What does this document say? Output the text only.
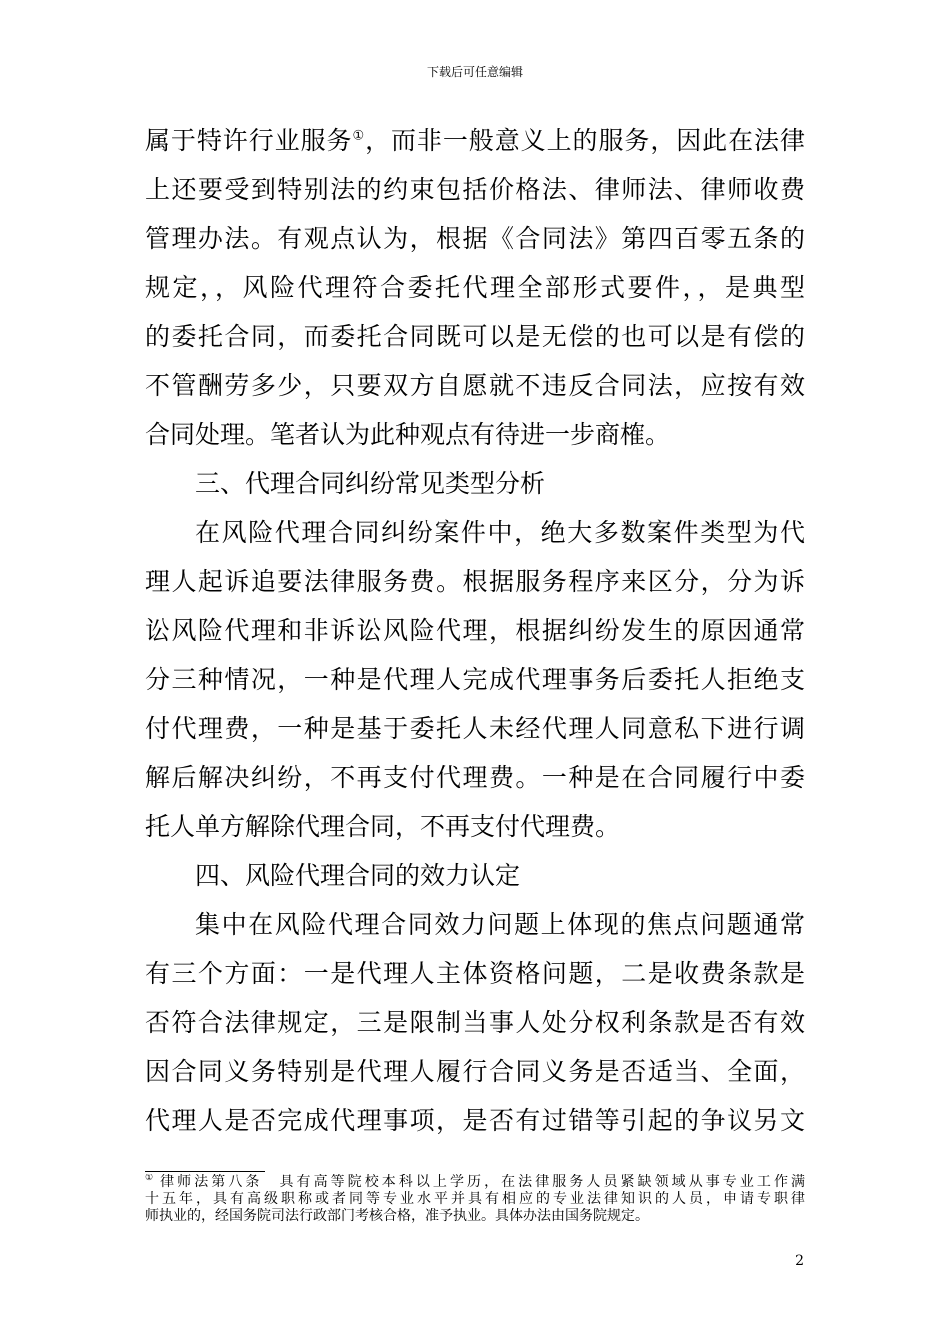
下载后可任意编辑
属于特许行业服务①，而非一般意义上的服务，因此在法律
上还要受到特别法的约束包括价格法、律师法、律师收费
管理办法。有观点认为，根据《合同法》第四百零五条的
规定，，风险代理符合委托代理全部形式要件，，是典型
的委托合同，而委托合同既可以是无偿的也可以是有偿的
不管酬劳多少，只要双方自愿就不违反合同法，应按有效
合同处理。笔者认为此种观点有待进一步商榷。
三、代理合同纠纷常见类型分析
在风险代理合同纠纷案件中，绝大多数案件类型为代
理人起诉追要法律服务费。根据服务程序来区分，分为诉
讼风险代理和非诉讼风险代理，根据纠纷发生的原因通常
分三种情况，一种是代理人完成代理事务后委托人拒绝支
付代理费，一种是基于委托人未经代理人同意私下进行调
解后解决纠纷，不再支付代理费。一种是在合同履行中委
托人单方解除代理合同，不再支付代理费。
四、风险代理合同的效力认定
集中在风险代理合同效力问题上体现的焦点问题通常
有三个方面：一是代理人主体资格问题，二是收费条款是
否符合法律规定，三是限制当事人处分权利条款是否有效
因合同义务特别是代理人履行合同义务是否适当、全面，
代理人是否完成代理事项，是否有过错等引起的争议另文
① 律师法第八条　具有高等院校本科以上学历，在法律服务人员紧缺领域从事专业工作满
十五年，具有高级职称或者同等专业水平并具有相应的专业法律知识的人员，申请专职律
师执业的，经国务院司法行政部门考核合格，准予执业。具体办法由国务院规定。
2
